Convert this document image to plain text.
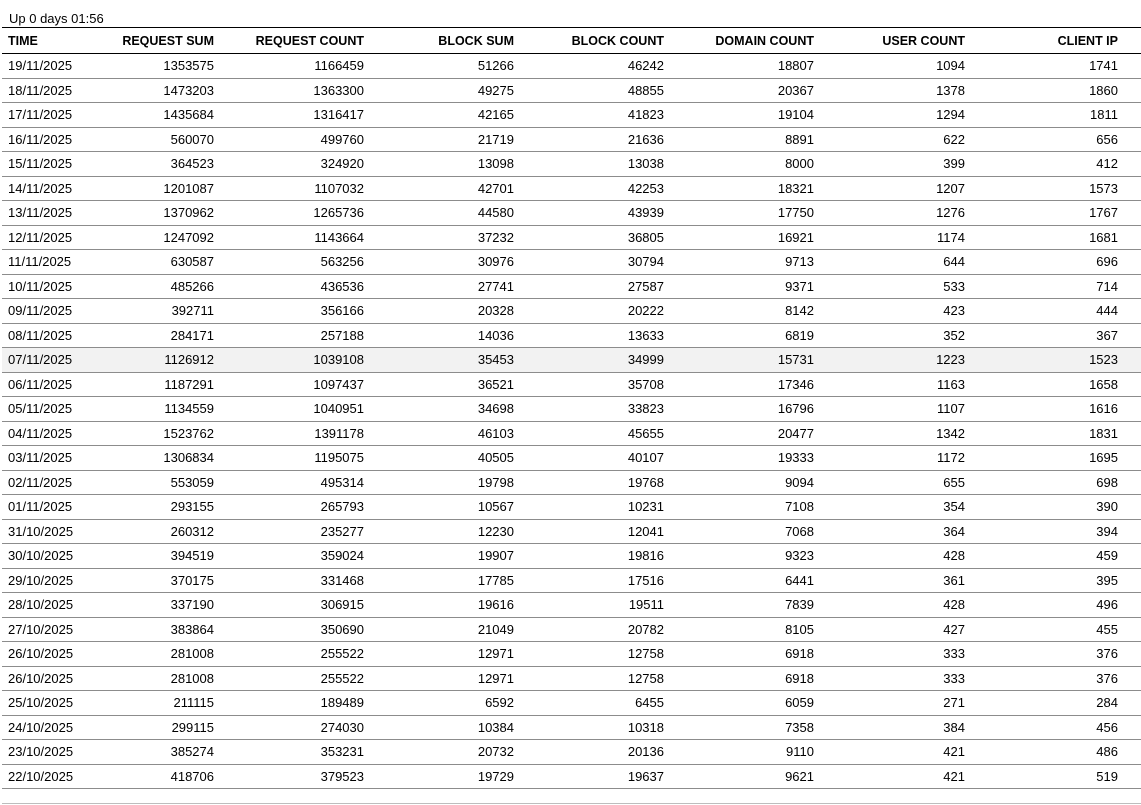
Up 0 days 01:56
TIME	REQUEST SUM	REQUEST COUNT	BLOCK SUM	BLOCK COUNT	DOMAIN COUNT	USER COUNT	CLIENT IP
19/11/2025	1353575	1166459	51266	46242	18807	1094	1741
18/11/2025	1473203	1363300	49275	48855	20367	1378	1860
17/11/2025	1435684	1316417	42165	41823	19104	1294	1811
16/11/2025	560070	499760	21719	21636	8891	622	656
15/11/2025	364523	324920	13098	13038	8000	399	412
14/11/2025	1201087	1107032	42701	42253	18321	1207	1573
13/11/2025	1370962	1265736	44580	43939	17750	1276	1767
12/11/2025	1247092	1143664	37232	36805	16921	1174	1681
11/11/2025	630587	563256	30976	30794	9713	644	696
10/11/2025	485266	436536	27741	27587	9371	533	714
09/11/2025	392711	356166	20328	20222	8142	423	444
08/11/2025	284171	257188	14036	13633	6819	352	367
07/11/2025	1126912	1039108	35453	34999	15731	1223	1523
06/11/2025	1187291	1097437	36521	35708	17346	1163	1658
05/11/2025	1134559	1040951	34698	33823	16796	1107	1616
04/11/2025	1523762	1391178	46103	45655	20477	1342	1831
03/11/2025	1306834	1195075	40505	40107	19333	1172	1695
02/11/2025	553059	495314	19798	19768	9094	655	698
01/11/2025	293155	265793	10567	10231	7108	354	390
31/10/2025	260312	235277	12230	12041	7068	364	394
30/10/2025	394519	359024	19907	19816	9323	428	459
29/10/2025	370175	331468	17785	17516	6441	361	395
28/10/2025	337190	306915	19616	19511	7839	428	496
27/10/2025	383864	350690	21049	20782	8105	427	455
26/10/2025	281008	255522	12971	12758	6918	333	376
26/10/2025	281008	255522	12971	12758	6918	333	376
25/10/2025	211115	189489	6592	6455	6059	271	284
24/10/2025	299115	274030	10384	10318	7358	384	456
23/10/2025	385274	353231	20732	20136	9110	421	486
22/10/2025	418706	379523	19729	19637	9621	421	519
